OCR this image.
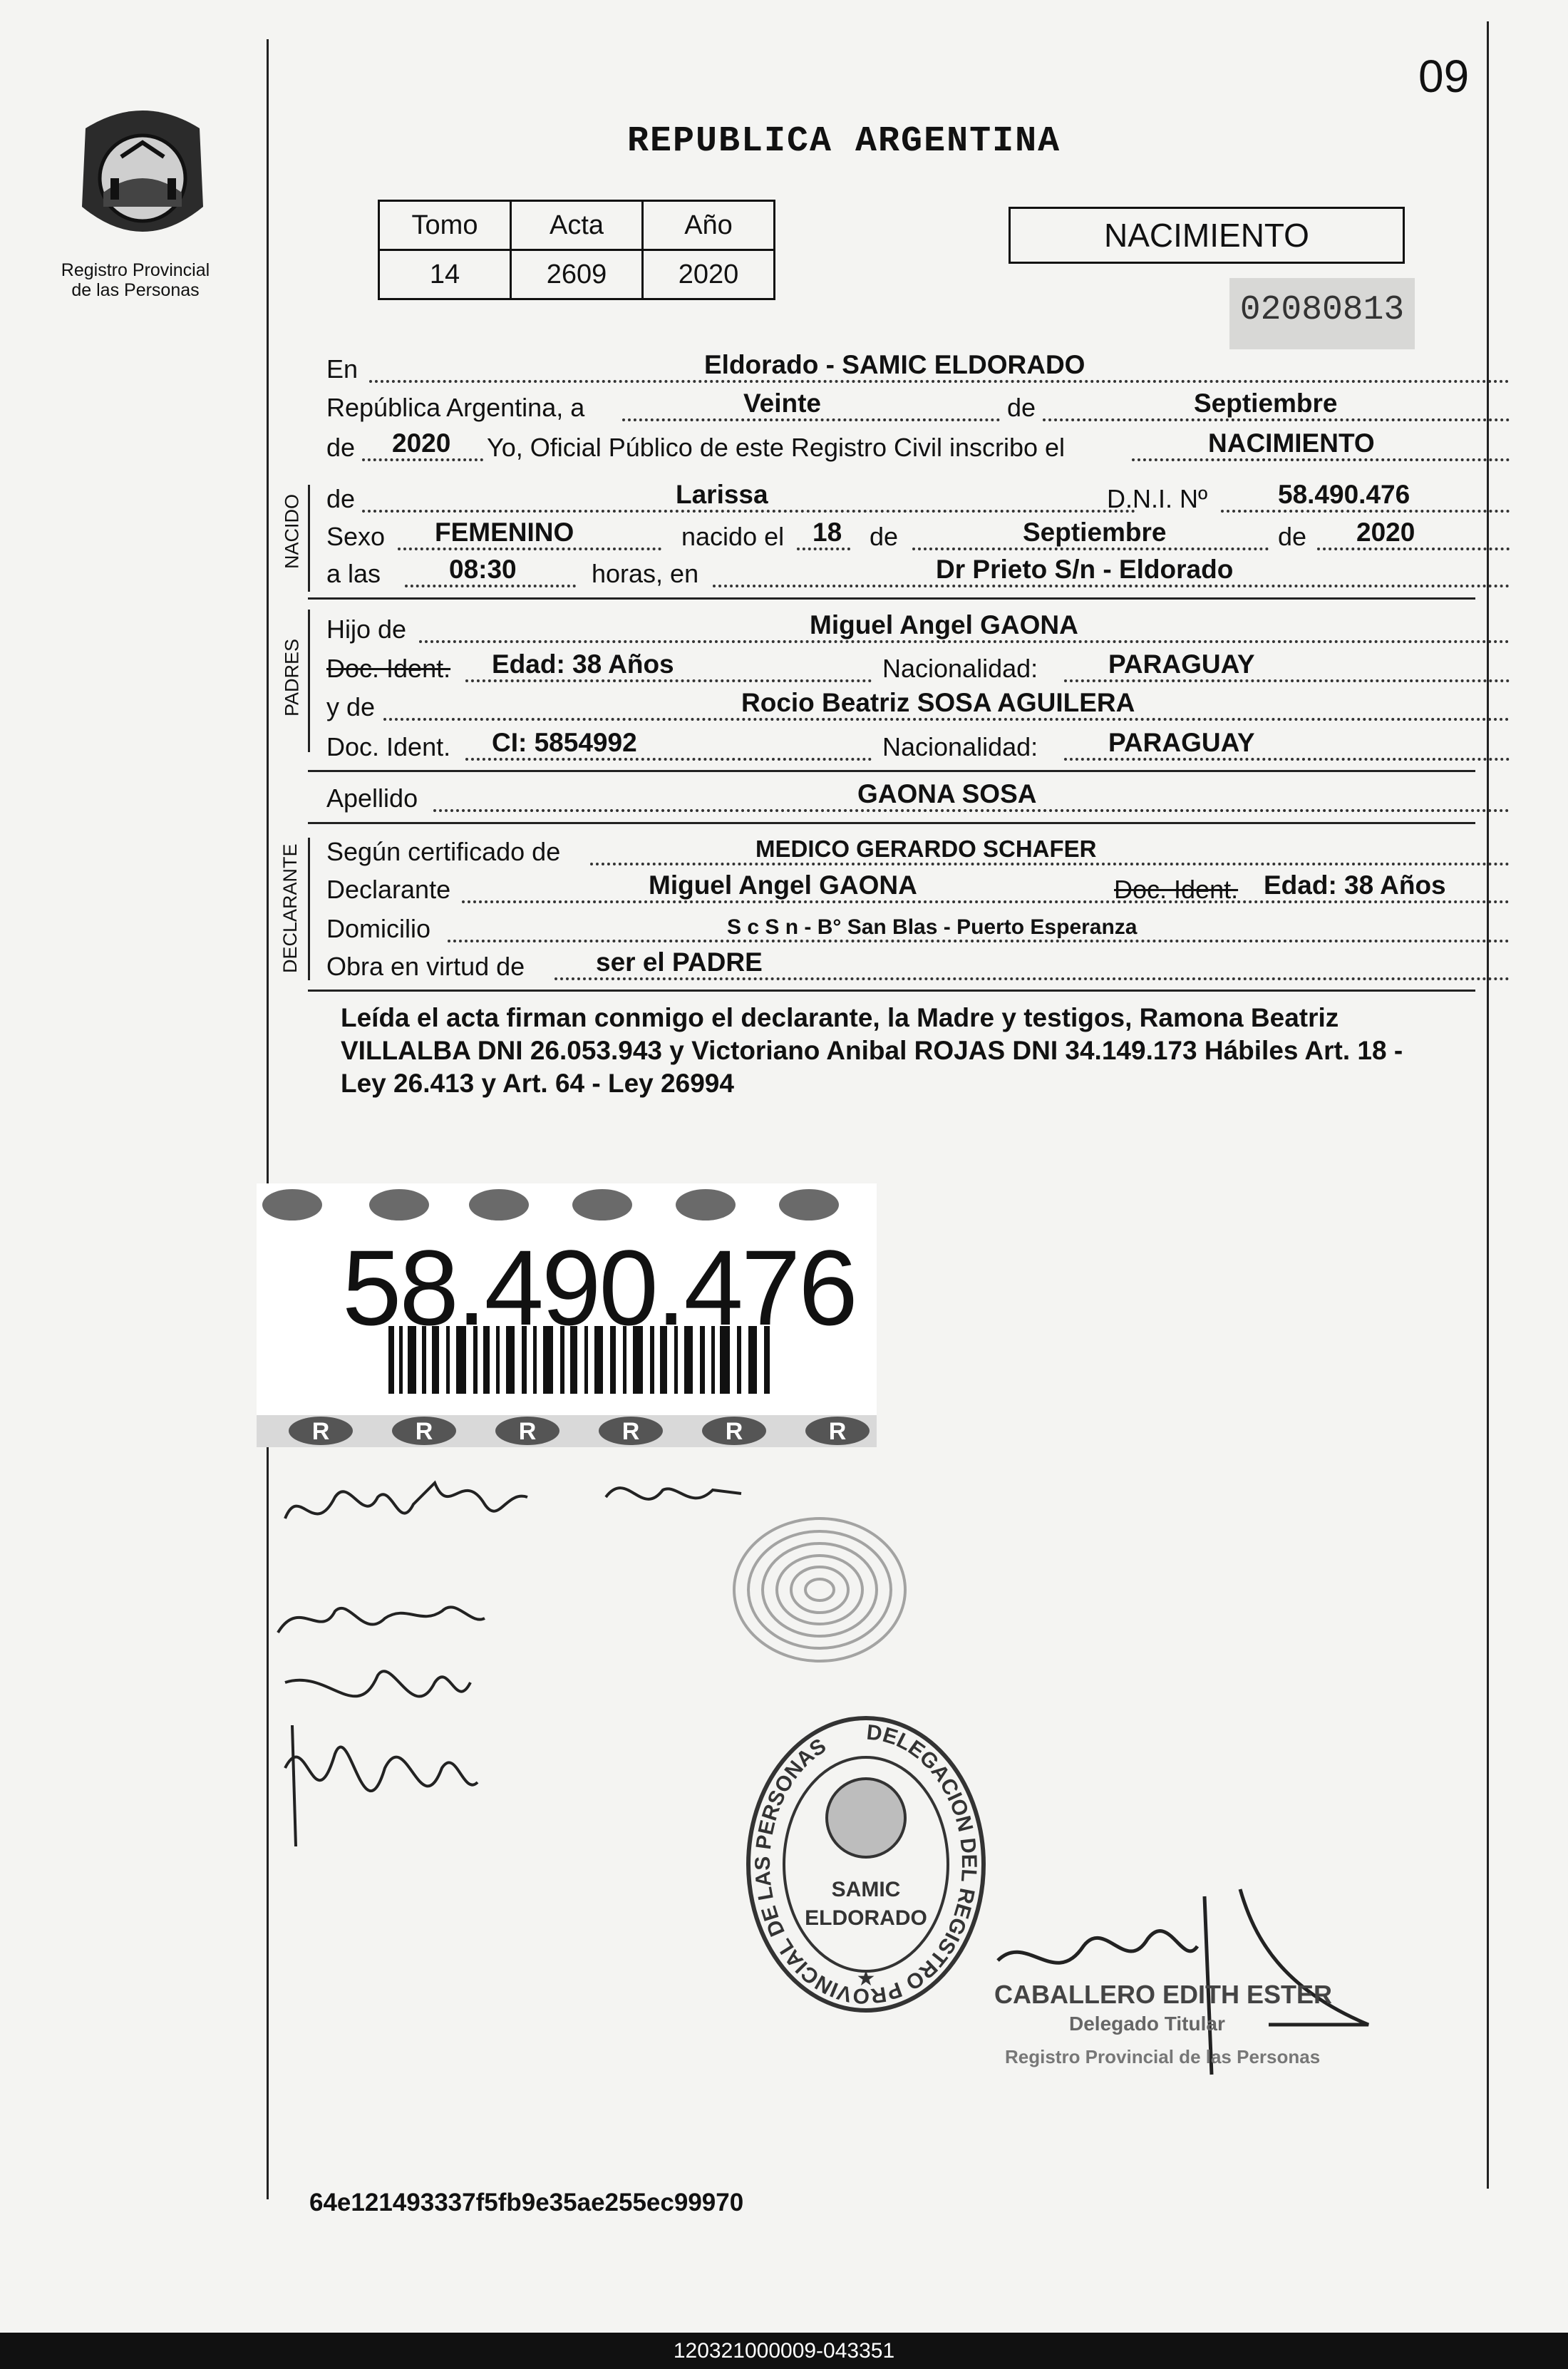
09
REPUBLICA ARGENTINA
Registro Provincial
de las Personas
Tomo	Acta	Año
14	2609	2020
NACIMIENTO
02080813
En	Eldorado - SAMIC ELDORADO
República Argentina, a	Veinte	de	Septiembre
de 2020 Yo, Oficial Público de este Registro Civil inscribo el	NACIMIENTO
NACIDO de	Larissa	D.N.I. Nº	58.490.476
Sexo FEMENINO	nacido el 18 de	Septiembre	de 2020
a las	08:30	horas, en	Dr Prieto S/n - Eldorado
PADRES
Hijo de	Miguel Angel GAONA
Doc. Ident. Edad: 38 Años	Nacionalidad:	PARAGUAY
y de	Rocio Beatriz SOSA AGUILERA
Doc. Ident. CI: 5854992	Nacionalidad:	PARAGUAY
Apellido	GAONA SOSA
DECLARANTE Según certificado de	MEDICO GERARDO SCHAFER
Declarante	Miguel Angel GAONA	Doc. Ident. Edad: 38 Años
Domicilio	S c S n - B° San Blas - Puerto Esperanza
Obra en virtud de	ser el PADRE
Leída el acta firman conmigo el declarante, la Madre y testigos, Ramona Beatriz VILLALBA DNI 26.053.943 y Victoriano Anibal ROJAS DNI 34.149.173 Hábiles Art. 18 - Ley 26.413 y Art. 64 - Ley 26994
R	R	R	R	R	R
58.490.476
DELEGACION DEL REGISTRO PROVINCIAL DE LAS PERSONAS
SAMIC
ELDORADO
★
CABALLERO EDITH ESTER
Delegado Titular
Registro Provincial de las Personas
64e121493337f5fb9e35ae255ec99970
120321000009-043351
